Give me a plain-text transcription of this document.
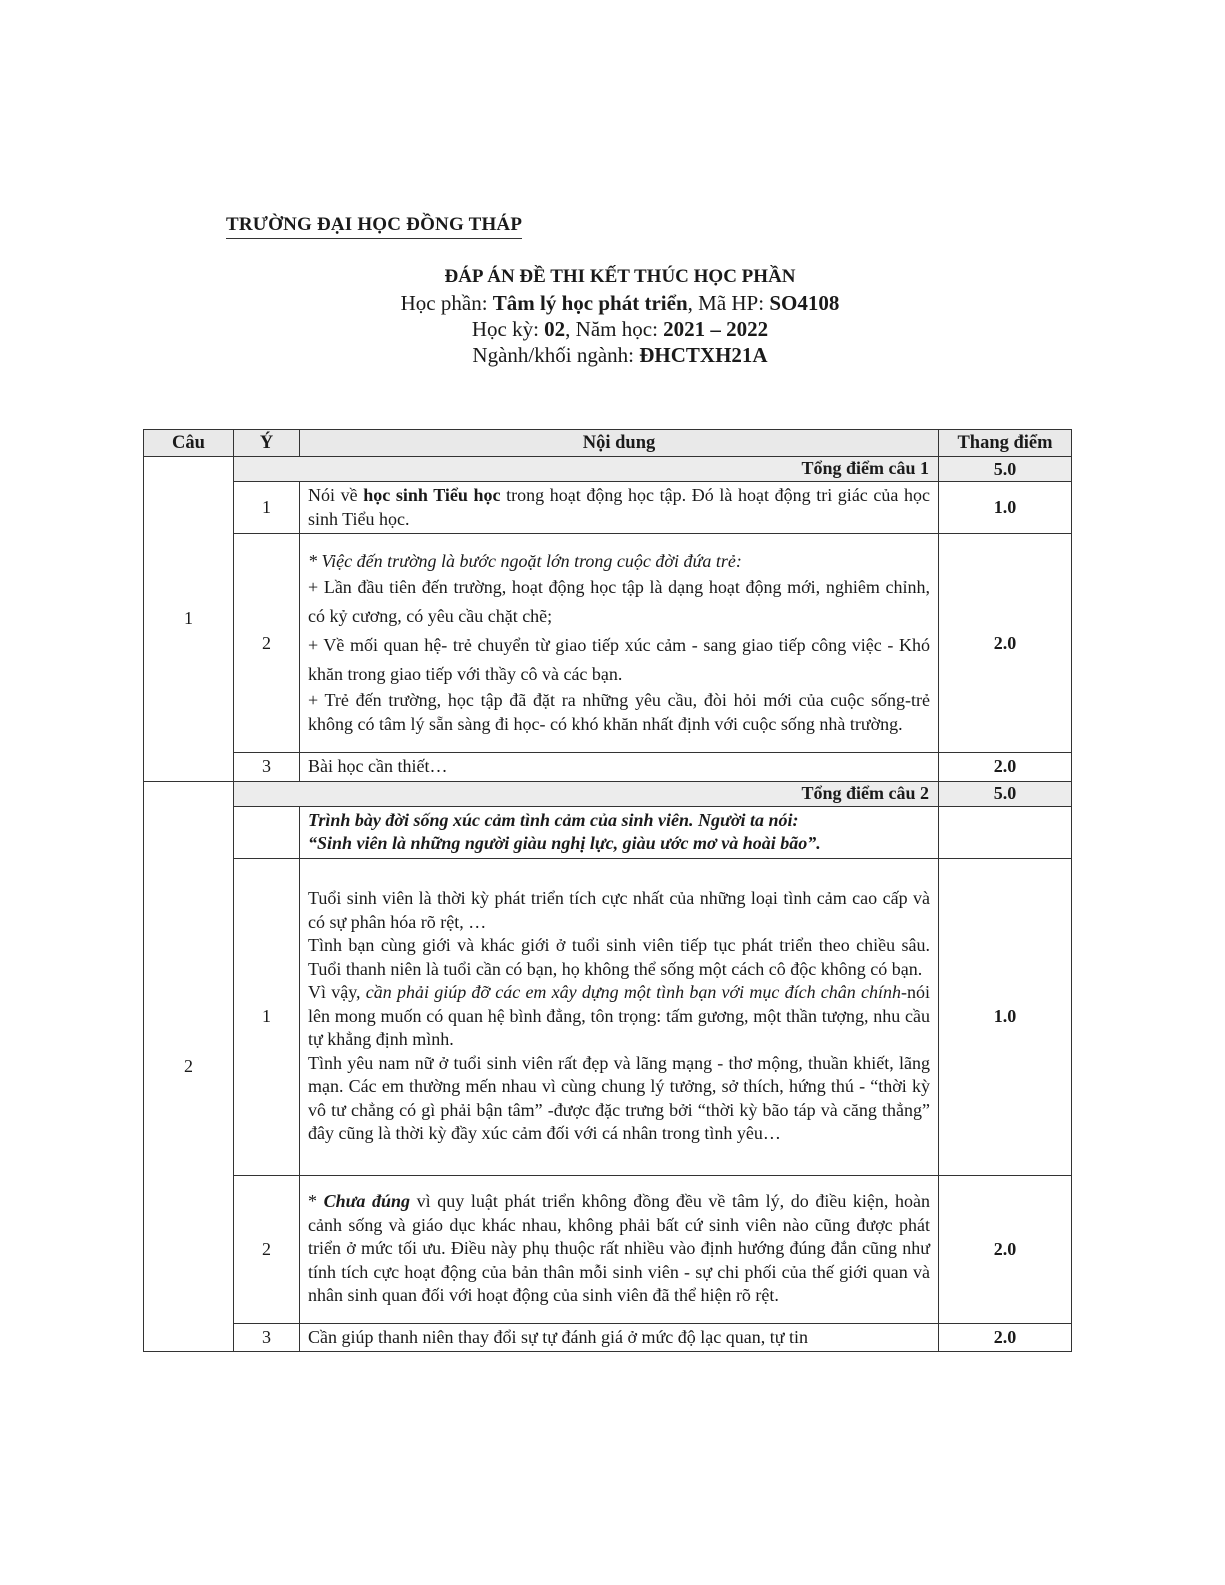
TRƯỜNG ĐẠI HỌC ĐỒNG THÁP
ĐÁP ÁN ĐỀ THI KẾT THÚC HỌC PHẦN
Học phần: Tâm lý học phát triển, Mã HP: SO4108
Học kỳ: 02, Năm học: 2021 – 2022
Ngành/khối ngành: ĐHCTXH21A
Câu	Ý	Nội dung	Thang điểm
1	Tổng điểm câu 1		5.0
	1	Nói về học sinh Tiểu học trong hoạt động học tập. Đó là hoạt động tri giác của học sinh Tiểu học.	1.0
	2	* Việc đến trường là bước ngoặt lớn trong cuộc đời đứa trẻ:

+ Lần đầu tiên đến trường, hoạt động học tập là dạng hoạt động mới, nghiêm chỉnh, có kỷ cương, có yêu cầu chặt chẽ;

+ Về mối quan hệ- trẻ chuyển từ giao tiếp xúc cảm - sang giao tiếp công việc - Khó khăn trong giao tiếp với thầy cô và các bạn.

+ Trẻ đến trường, học tập đã đặt ra những yêu cầu, đòi hỏi mới của cuộc sống-trẻ không có tâm lý sẵn sàng đi học- có khó khăn nhất định với cuộc sống nhà trường.	2.0
	3	Bài học cần thiết…	2.0
2	Tổng điểm câu 2		5.0

		Trình bày đời sống xúc cảm tình cảm của sinh viên. Người ta nói:

“Sinh viên là những người giàu nghị lực, giàu ước mơ và hoài bão”.	

	1	Tuổi sinh viên là thời kỳ phát triển tích cực nhất của những loại tình cảm cao cấp và có sự phân hóa rõ rệt, …

Tình bạn cùng giới và khác giới ở tuổi sinh viên tiếp tục phát triển theo chiều sâu. Tuổi thanh niên là tuổi cần có bạn, họ không thể sống một cách cô độc không có bạn.

Vì vậy, cần phải giúp đỡ các em xây dựng một tình bạn với mục đích chân chính-nói lên mong muốn có quan hệ bình đẳng, tôn trọng: tấm gương, một thần tượng, nhu cầu tự khẳng định mình.

Tình yêu nam nữ ở tuổi sinh viên rất đẹp và lãng mạng - thơ mộng, thuần khiết, lãng mạn. Các em thường mến nhau vì cùng chung lý tưởng, sở thích, hứng thú - “thời kỳ vô tư chẳng có gì phải bận tâm” -được đặc trưng bởi “thời kỳ bão táp và căng thẳng” đây cũng là thời kỳ đầy xúc cảm đối với cá nhân trong tình yêu…	1.0
	2	* Chưa đúng vì quy luật phát triển không đồng đều về tâm lý, do điều kiện, hoàn cảnh sống và giáo dục khác nhau, không phải bất cứ sinh viên nào cũng được phát triển ở mức tối ưu. Điều này phụ thuộc rất nhiều vào định hướng đúng đắn cũng như tính tích cực hoạt động của bản thân mỗi sinh viên - sự chi phối của thế giới quan và nhân sinh quan đối với hoạt động của sinh viên đã thể hiện rõ rệt.	2.0
	3	Cần giúp thanh niên thay đổi sự tự đánh giá ở mức độ lạc quan, tự tin	2.0
